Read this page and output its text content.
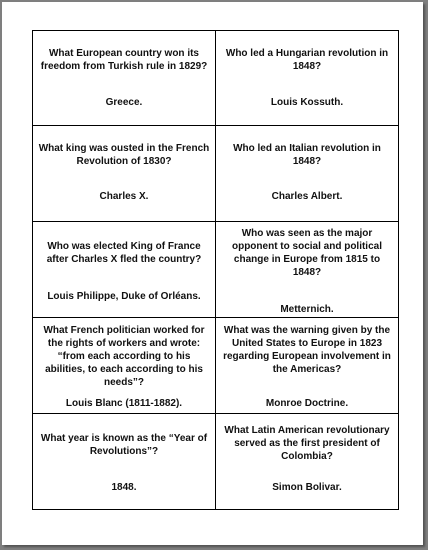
What European country won its freedom from Turkish rule in 1829?
Greece.
Who led a Hungarian revolution in 1848?
Louis Kossuth.
What king was ousted in the French Revolution of 1830?
Charles X.
Who led an Italian revolution in 1848?
Charles Albert.
Who was elected King of France after Charles X fled the country?
Louis Philippe, Duke of Orléans.
Who was seen as the major opponent to social and political change in Europe from 1815 to 1848?
Metternich.
What French politician worked for the rights of workers and wrote: “from each according to his abilities, to each according to his needs”?
Louis Blanc (1811-1882).
What was the warning given by the United States to Europe in 1823 regarding European involvement in the Americas?
Monroe Doctrine.
What year is known as the “Year of Revolutions”?
1848.
What Latin American revolutionary served as the first president of Colombia?
Simon Bolivar.
